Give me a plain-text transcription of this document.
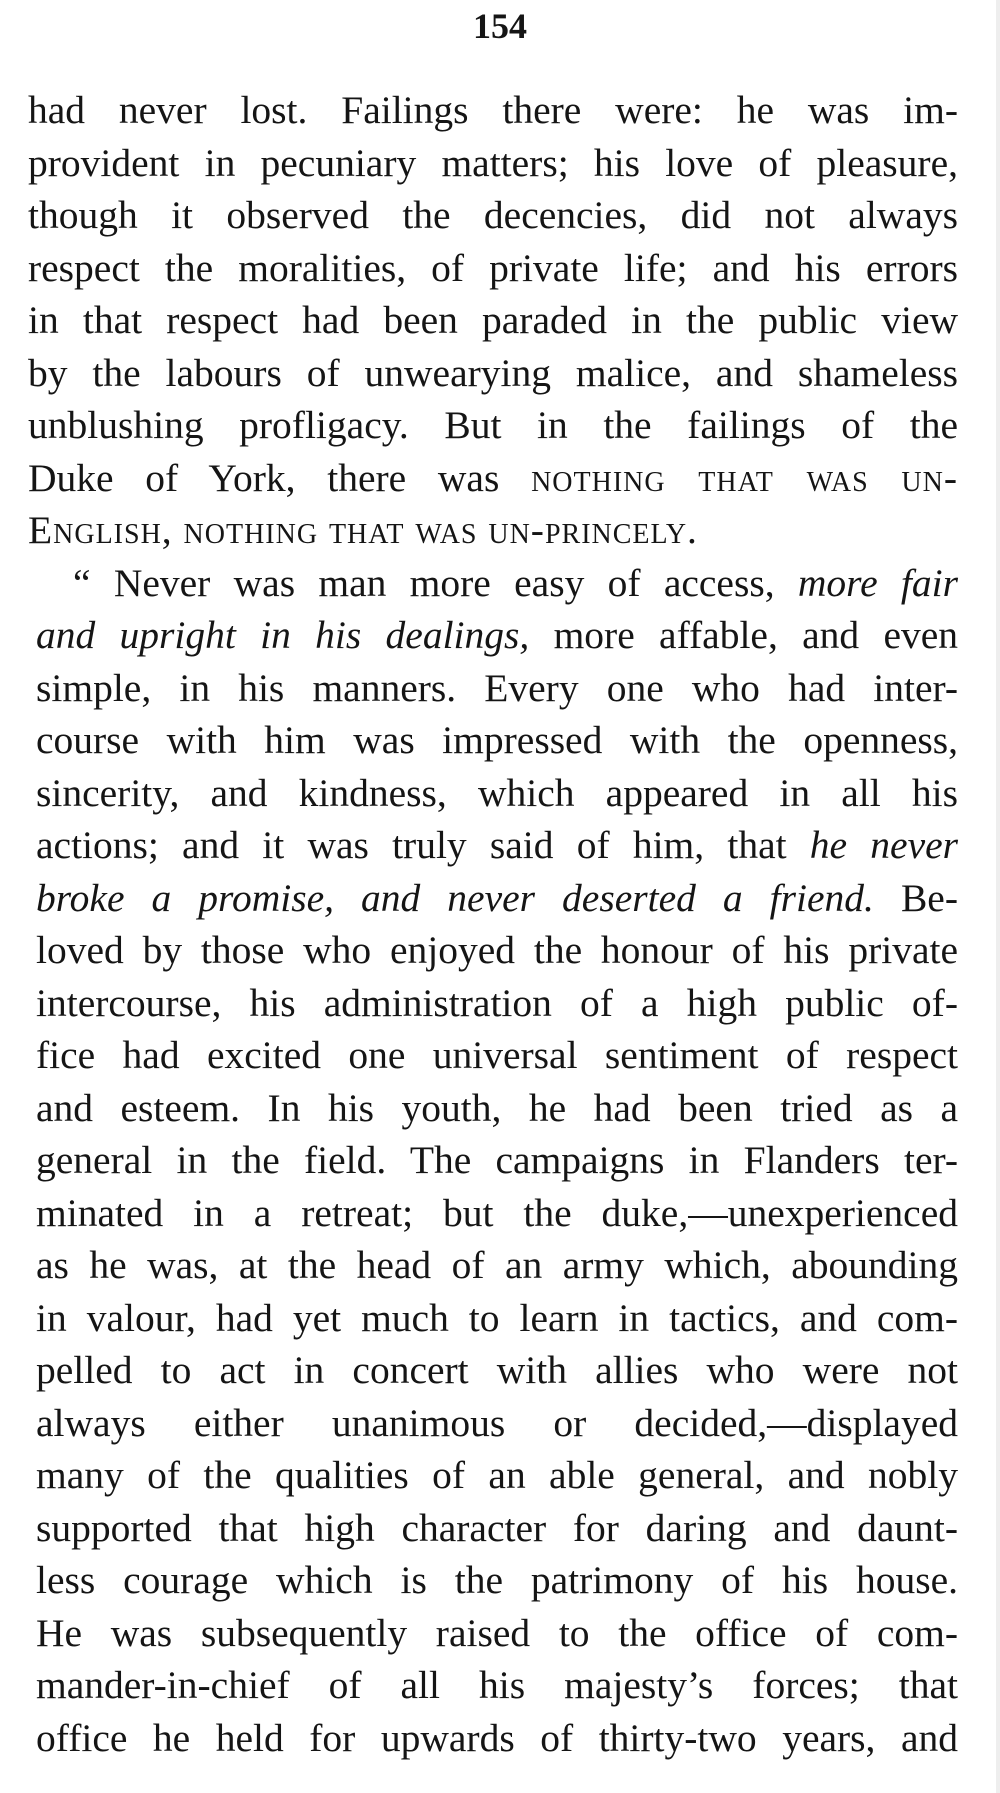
154
had never lost. Failings there were: he was im-
provident in pecuniary matters; his love of pleasure,
though it observed the decencies, did not always
respect the moralities, of private life; and his errors
in that respect had been paraded in the public view
by the labours of unwearying malice, and shameless
unblushing profligacy. But in the failings of the
Duke of York, there was nothing that was un-
English, nothing that was un-princely.
“ Never was man more easy of access, more fair
and upright in his dealings, more affable, and even
simple, in his manners. Every one who had inter-
course with him was impressed with the openness,
sincerity, and kindness, which appeared in all his
actions; and it was truly said of him, that he never
broke a promise, and never deserted a friend. Be-
loved by those who enjoyed the honour of his private
intercourse, his administration of a high public of-
fice had excited one universal sentiment of respect
and esteem. In his youth, he had been tried as a
general in the field. The campaigns in Flanders ter-
minated in a retreat; but the duke,—unexperienced
as he was, at the head of an army which, abounding
in valour, had yet much to learn in tactics, and com-
pelled to act in concert with allies who were not
always either unanimous or decided,—displayed
many of the qualities of an able general, and nobly
supported that high character for daring and daunt-
less courage which is the patrimony of his house.
He was subsequently raised to the office of com-
mander-in-chief of all his majesty’s forces; that
office he held for upwards of thirty-two years, and
